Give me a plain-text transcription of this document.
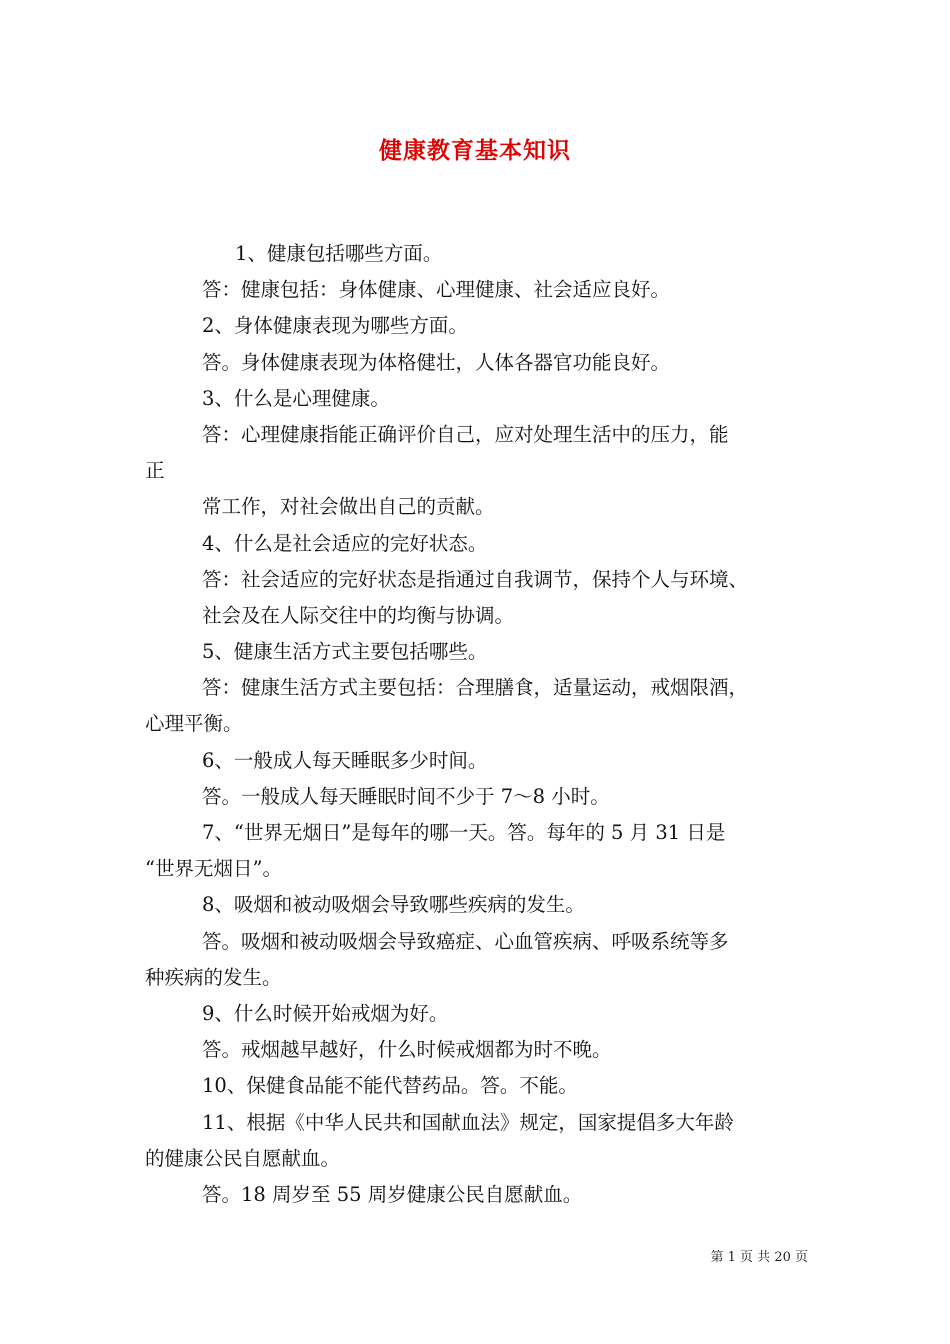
健康教育基本知识
1、健康包括哪些方面。
答：健康包括：身体健康、心理健康、社会适应良好。
2、身体健康表现为哪些方面。
答。身体健康表现为体格健壮，人体各器官功能良好。
3、什么是心理健康。
答：心理健康指能正确评价自己，应对处理生活中的压力，能
正
常工作，对社会做出自己的贡献。
4、什么是社会适应的完好状态。
答：社会适应的完好状态是指通过自我调节，保持个人与环境、
社会及在人际交往中的均衡与协调。
5、健康生活方式主要包括哪些。
答：健康生活方式主要包括：合理膳食，适量运动，戒烟限酒，
心理平衡。
6、一般成人每天睡眠多少时间。
答。一般成人每天睡眠时间不少于 7～8 小时。
7、“世界无烟日”是每年的哪一天。答。每年的 5 月 31 日是
“世界无烟日”。
8、吸烟和被动吸烟会导致哪些疾病的发生。
答。吸烟和被动吸烟会导致癌症、心血管疾病、呼吸系统等多
种疾病的发生。
9、什么时候开始戒烟为好。
答。戒烟越早越好，什么时候戒烟都为时不晚。
10、保健食品能不能代替药品。答。不能。
11、根据《中华人民共和国献血法》规定，国家提倡多大年龄
的健康公民自愿献血。
答。18 周岁至 55 周岁健康公民自愿献血。
第 1 页 共 20 页
